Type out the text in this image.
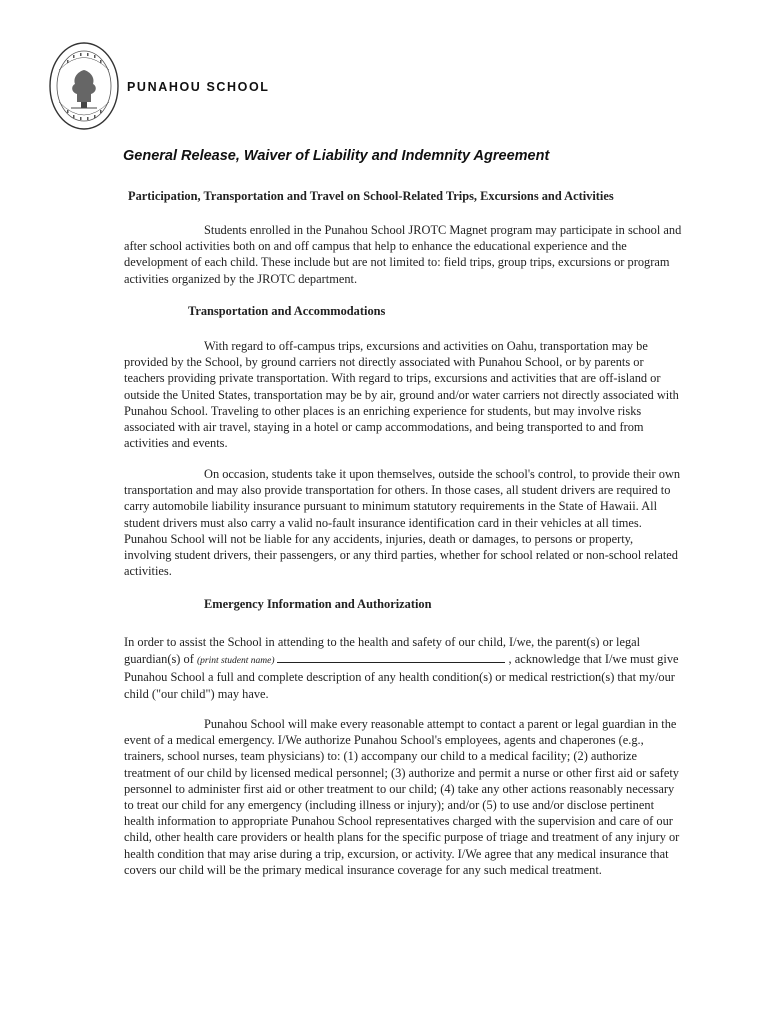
PUNAHOU SCHOOL
General Release, Waiver of Liability and Indemnity Agreement
Participation, Transportation and Travel on School-Related Trips, Excursions and Activities

Students enrolled in the Punahou School JROTC Magnet program may participate in school and after school activities both on and off campus that help to enhance the educational experience and the development of each child. These include but are not limited to: field trips, group trips, excursions or program activities organized by the JROTC department.

Transportation and Accommodations

With regard to off-campus trips, excursions and activities on Oahu, transportation may be provided by the School, by ground carriers not directly associated with Punahou School, or by parents or teachers providing private transportation. With regard to trips, excursions and activities that are off-island or outside the United States, transportation may be by air, ground and/or water carriers not directly associated with Punahou School. Traveling to other places is an enriching experience for students, but may involve risks associated with air travel, staying in a hotel or camp accommodations, and being transported to and from activities and events.

On occasion, students take it upon themselves, outside the school's control, to provide their own transportation and may also provide transportation for others. In those cases, all student drivers are required to carry automobile liability insurance pursuant to minimum statutory requirements in the State of Hawaii. All student drivers must also carry a valid no-fault insurance identification card in their vehicles at all times. Punahou School will not be liable for any accidents, injuries, death or damages, to persons or property, involving student drivers, their passengers, or any third parties, whether for school related or non-school related activities.

Emergency Information and Authorization

In order to assist the School in attending to the health and safety of our child, I/we, the parent(s) or legal guardian(s) of (print student name)	, acknowledge that I/we must give Punahou School a full and complete description of any health condition(s) or medical restriction(s) that my/our child ("our child") may have.

Punahou School will make every reasonable attempt to contact a parent or legal guardian in the event of a medical emergency. I/We authorize Punahou School's employees, agents and chaperones (e.g., trainers, school nurses, team physicians) to: (1) accompany our child to a medical facility; (2) authorize treatment of our child by licensed medical personnel; (3) authorize and permit a nurse or other first aid or safety personnel to administer first aid or other treatment to our child; (4) take any other actions reasonably necessary to treat our child for any emergency (including illness or injury); and/or (5) to use and/or disclose pertinent health information to appropriate Punahou School representatives charged with the supervision and care of our child, other health care providers or health plans for the specific purpose of triage and treatment of any injury or health condition that may arise during a trip, excursion, or activity. I/We agree that any medical insurance that covers our child will be the primary medical insurance coverage for any such medical treatment.
